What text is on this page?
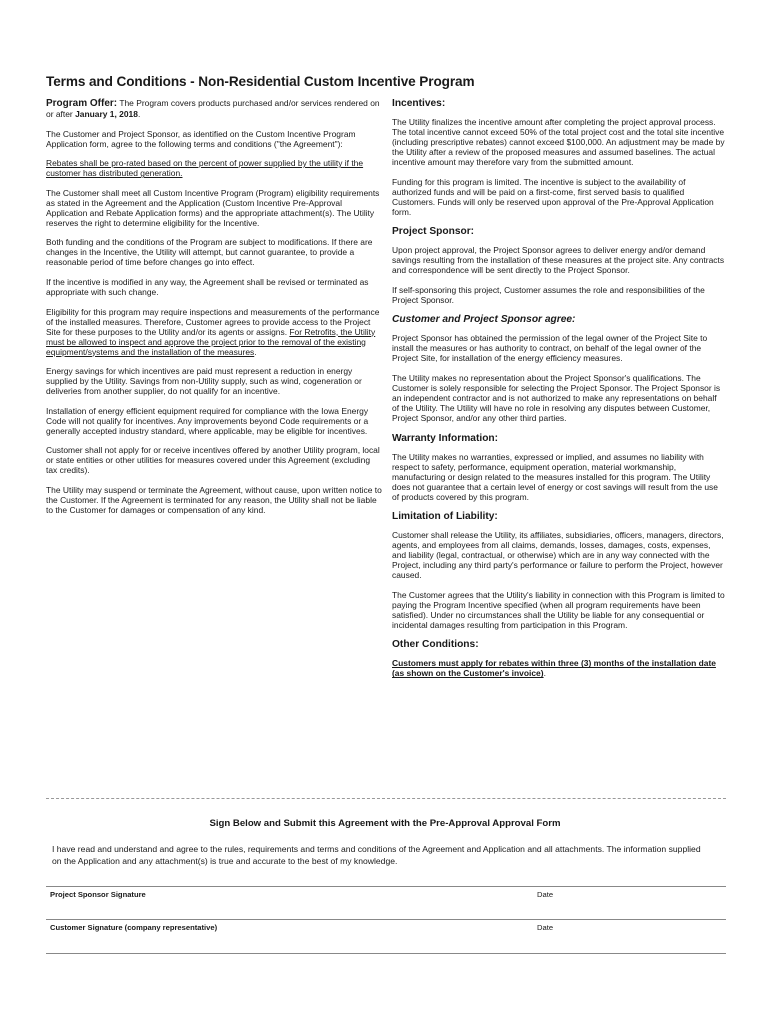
Terms and Conditions - Non-Residential Custom Incentive Program

Program Offer: The Program covers products purchased and/or services rendered on or after January 1, 2018.

The Customer and Project Sponsor, as identified on the Custom Incentive Program Application form, agree to the following terms and conditions ("the Agreement"):

Rebates shall be pro-rated based on the percent of power supplied by the utility if the customer has distributed generation.

The Customer shall meet all Custom Incentive Program (Program) eligibility requirements as stated in the Agreement and the Application (Custom Incentive Pre-Approval Application and Rebate Application forms) and the appropriate attachment(s). The Utility reserves the right to determine eligibility for the Incentive.

Both funding and the conditions of the Program are subject to modifications. If there are changes in the Incentive, the Utility will attempt, but cannot guarantee, to provide a reasonable period of time before changes go into effect.

If the incentive is modified in any way, the Agreement shall be revised or terminated as appropriate with such change.

Eligibility for this program may require inspections and measurements of the performance of the installed measures. Therefore, Customer agrees to provide access to the Project Site for these purposes to the Utility and/or its agents or assigns. For Retrofits, the Utility must be allowed to inspect and approve the project prior to the removal of the existing equipment/systems and the installation of the measures.

Energy savings for which incentives are paid must represent a reduction in energy supplied by the Utility. Savings from non-Utility supply, such as wind, cogeneration or deliveries from another supplier, do not qualify for an incentive.

Installation of energy efficient equipment required for compliance with the Iowa Energy Code will not qualify for incentives. Any improvements beyond Code requirements or a generally accepted industry standard, where applicable, may be eligible for incentives.

Customer shall not apply for or receive incentives offered by another Utility program, local or state entities or other utilities for measures covered under this Agreement (excluding tax credits).

The Utility may suspend or terminate the Agreement, without cause, upon written notice to the Customer. If the Agreement is terminated for any reason, the Utility shall not be liable to the Customer for damages or compensation of any kind.

Incentives:

The Utility finalizes the incentive amount after completing the project approval process. The total incentive cannot exceed 50% of the total project cost and the total site incentive (including prescriptive rebates) cannot exceed $100,000. An adjustment may be made by the Utility after a review of the proposed measures and assumed baselines. The actual incentive amount may therefore vary from the submitted amount.

Funding for this program is limited. The incentive is subject to the availability of authorized funds and will be paid on a first-come, first served basis to qualified Customers. Funds will only be reserved upon approval of the Pre-Approval Application form.

Project Sponsor:

Upon project approval, the Project Sponsor agrees to deliver energy and/or demand savings resulting from the installation of these measures at the project site. Any contracts and correspondence will be sent directly to the Project Sponsor.

If self-sponsoring this project, Customer assumes the role and responsibilities of the Project Sponsor.

Customer and Project Sponsor agree:

Project Sponsor has obtained the permission of the legal owner of the Project Site to install the measures or has authority to contract, on behalf of the legal owner of the Project Site, for installation of the energy efficiency measures.

The Utility makes no representation about the Project Sponsor's qualifications. The Customer is solely responsible for selecting the Project Sponsor. The Project Sponsor is an independent contractor and is not authorized to make any representations on behalf of the Utility. The Utility will have no role in resolving any disputes between Customer, Project Sponsor, and/or any other third parties.

Warranty Information:

The Utility makes no warranties, expressed or implied, and assumes no liability with respect to safety, performance, equipment operation, material workmanship, manufacturing or design related to the measures installed for this program. The Utility does not guarantee that a certain level of energy or cost savings will result from the use of products covered by this program.

Limitation of Liability:

Customer shall release the Utility, its affiliates, subsidiaries, officers, managers, directors, agents, and employees from all claims, demands, losses, damages, costs, expenses, and liability (legal, contractual, or otherwise) which are in any way connected with the Project, including any third party's performance or failure to perform the Project, however caused.

The Customer agrees that the Utility's liability in connection with this Program is limited to paying the Program Incentive specified (when all program requirements have been satisfied). Under no circumstances shall the Utility be liable for any consequential or incidental damages resulting from participation in this Program.

Other Conditions:

Customers must apply for rebates within three (3) months of the installation date (as shown on the Customer's invoice).

Sign Below and Submit this Agreement with the Pre-Approval Approval Form
I have read and understand and agree to the rules, requirements and terms and conditions of the Agreement and Application and all attachments. The information supplied on the Application and any attachment(s) is true and accurate to the best of my knowledge.
Project Sponsor Signature	Date
Customer Signature (company representative)	Date
